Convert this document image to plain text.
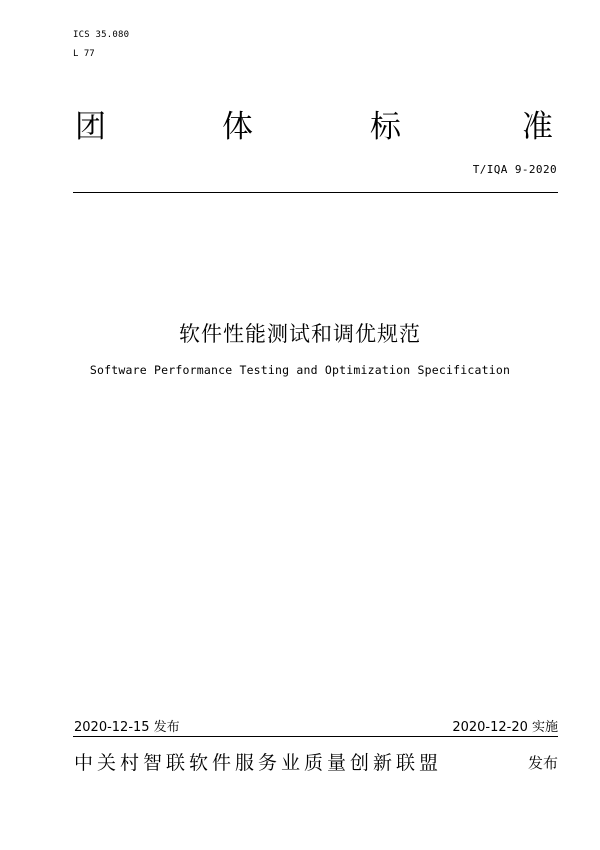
ICS 35.080
L 77
团	体	标	准
T/IQA 9-2020
软件性能测试和调优规范
Software Performance Testing and Optimization Specification
2020-12-15 发布	2020-12-20 实施
中关村智联软件服务业质量创新联盟	发布
